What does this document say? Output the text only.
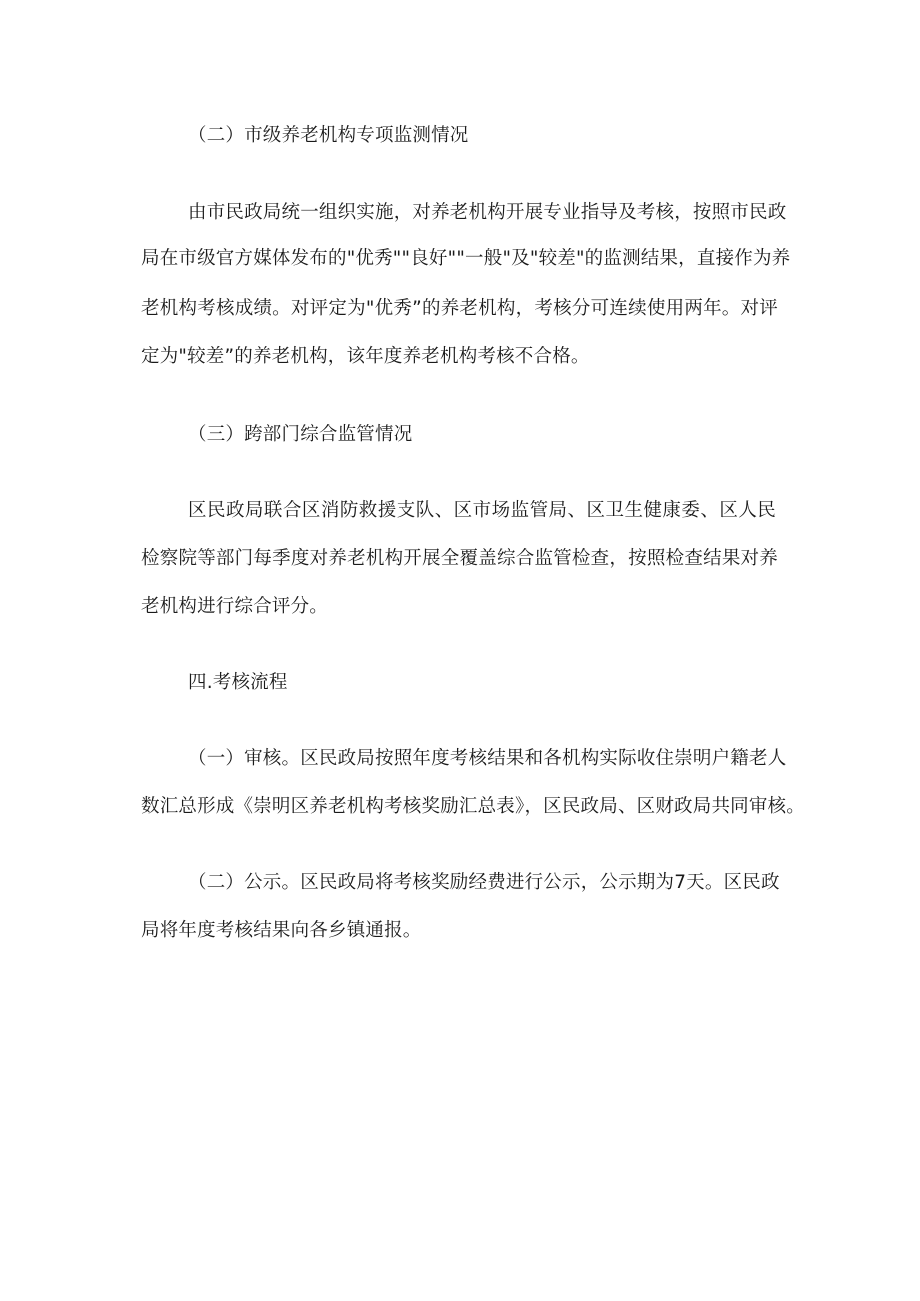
（二）市级养老机构专项监测情况
由市民政局统一组织实施，对养老机构开展专业指导及考核，按照市民政
局在市级官方媒体发布的"优秀""良好""一般"及"较差"的监测结果，直接作为养
老机构考核成绩。对评定为"优秀”的养老机构，考核分可连续使用两年。对评
定为"较差”的养老机构，该年度养老机构考核不合格。
（三）跨部门综合监管情况
区民政局联合区消防救援支队、区市场监管局、区卫生健康委、区人民
检察院等部门每季度对养老机构开展全覆盖综合监管检查，按照检查结果对养
老机构进行综合评分。
四.考核流程
（一）审核。区民政局按照年度考核结果和各机构实际收住崇明户籍老人
数汇总形成《崇明区养老机构考核奖励汇总表》，区民政局、区财政局共同审核。
（二）公示。区民政局将考核奖励经费进行公示，公示期为7天。区民政
局将年度考核结果向各乡镇通报。
